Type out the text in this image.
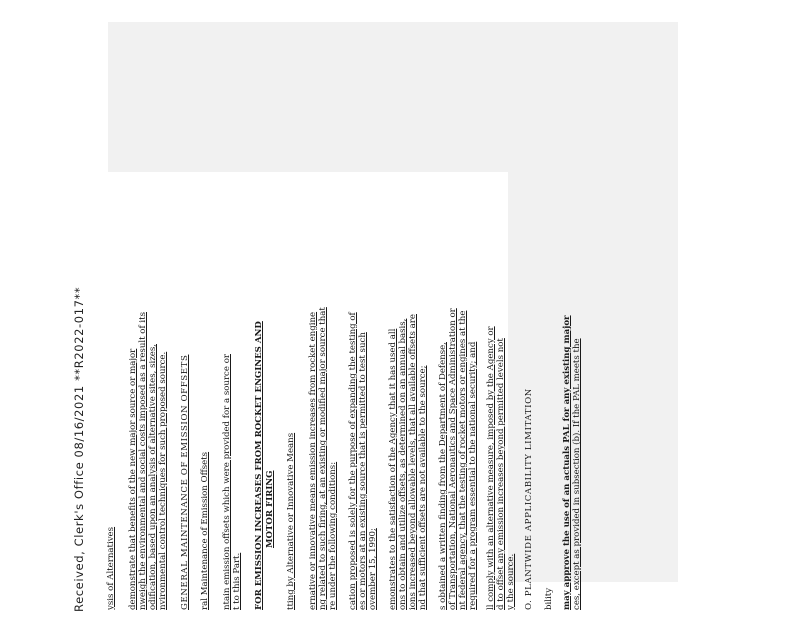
Received, Clerk's Office 08/16/2021 **R2022-017** ysis of Alternatives demonstrate that benefits of the new major source or major nweigh the environmental and social costs imposed as a result of its odification, based upon an analysis of alternative sites, sizes, nvironmental control techniques for such proposed source. GENERAL MAINTENANCE OF EMISSION OFFSETS ral Maintenance of Emission Offsets ntain emission offsets which were provided for a source or t to this Part. FOR EMISSION INCREASES FROM ROCKET ENGINES AND MOTOR FIRING tting by Alternative or Innovative Means ernative or innovative means emission increases from rocket engine ng related to such firing, at an existing or modified major source that re under the following conditions: cation proposed is solely for the purpose of expanding the testing of es or motors at an existing source that is permitted to test such ovember 15, 1990; emonstrates to the satisfaction of the Agency that it has used all ons to obtain and utilize offsets, as determined on an annual basis, ions increased beyond allowable levels, that all available offsets are nd that sufficient offsets are not available to the source; s obtained a written finding from the Department of Defense, of Transportation, National Aeronautics and Space Administration or nt federal agency, that the testing of rocket motors or engines at the required for a program essential to the national security; and ll comply with an alternative measure, imposed by the Agency or d to offset any emission increases beyond permitted levels not y the source. O. PLANTWIDE APPLICABILITY LIMITATION bility may approve the use of an actuals PAL for any existing major ces, except as provided in subsection (b). If the PAL meets the
